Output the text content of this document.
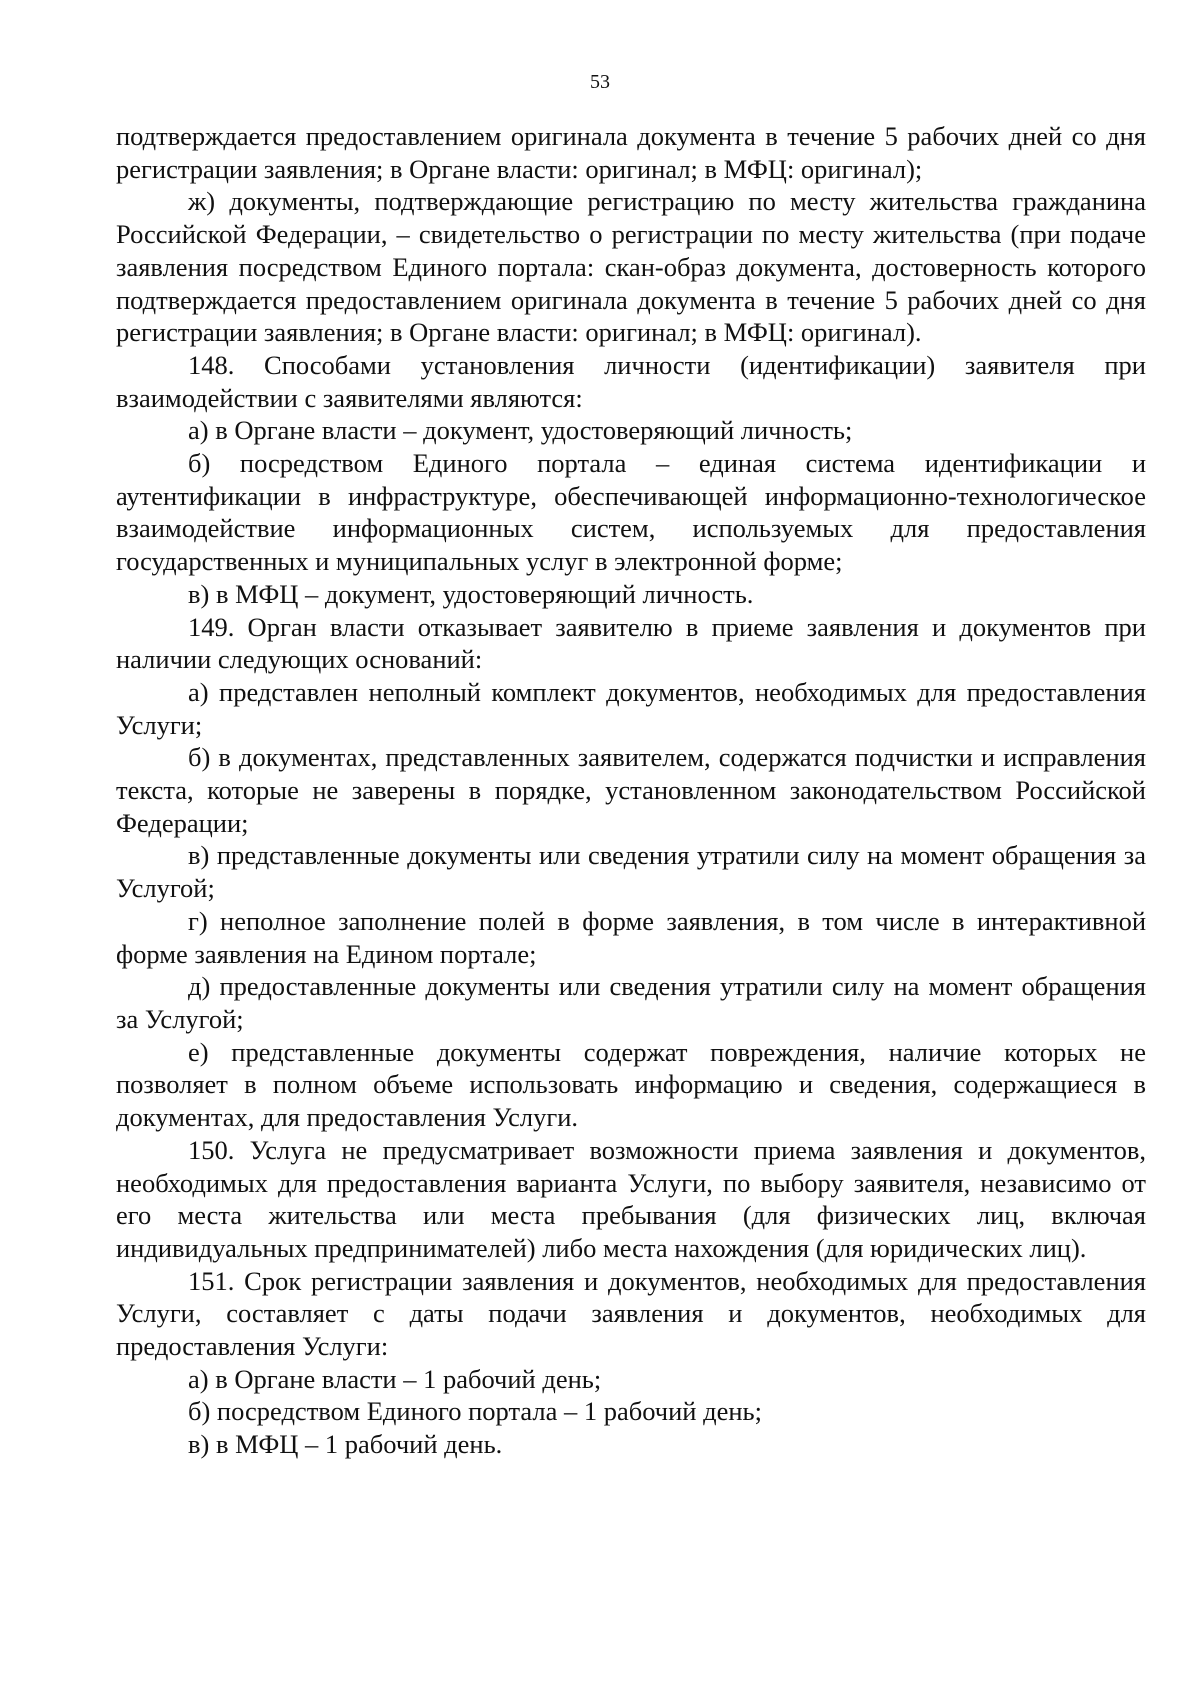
53

подтверждается предоставлением оригинала документа в течение 5 рабочих дней со дня регистрации заявления; в Органе власти: оригинал; в МФЦ: оригинал);

ж) документы, подтверждающие регистрацию по месту жительства гражданина Российской Федерации, – свидетельство о регистрации по месту жительства (при подаче заявления посредством Единого портала: скан-образ документа, достоверность которого подтверждается предоставлением оригинала документа в течение 5 рабочих дней со дня регистрации заявления; в Органе власти: оригинал; в МФЦ: оригинал).

148. Способами установления личности (идентификации) заявителя при взаимодействии с заявителями являются:

а) в Органе власти – документ, удостоверяющий личность;

б) посредством Единого портала – единая система идентификации и аутентификации в инфраструктуре, обеспечивающей информационно-технологическое взаимодействие информационных систем, используемых для предоставления государственных и муниципальных услуг в электронной форме;

в) в МФЦ – документ, удостоверяющий личность.

149. Орган власти отказывает заявителю в приеме заявления и документов при наличии следующих оснований:

а) представлен неполный комплект документов, необходимых для предоставления Услуги;

б) в документах, представленных заявителем, содержатся подчистки и исправления текста, которые не заверены в порядке, установленном законодательством Российской Федерации;

в) представленные документы или сведения утратили силу на момент обращения за Услугой;

г) неполное заполнение полей в форме заявления, в том числе в интерактивной форме заявления на Едином портале;

д) предоставленные документы или сведения утратили силу на момент обращения за Услугой;

е) представленные документы содержат повреждения, наличие которых не позволяет в полном объеме использовать информацию и сведения, содержащиеся в документах, для предоставления Услуги.

150. Услуга не предусматривает возможности приема заявления и документов, необходимых для предоставления варианта Услуги, по выбору заявителя, независимо от его места жительства или места пребывания (для физических лиц, включая индивидуальных предпринимателей) либо места нахождения (для юридических лиц).

151. Срок регистрации заявления и документов, необходимых для предоставления Услуги, составляет с даты подачи заявления и документов, необходимых для предоставления Услуги:

а) в Органе власти – 1 рабочий день;

б) посредством Единого портала – 1 рабочий день;

в) в МФЦ – 1 рабочий день.
